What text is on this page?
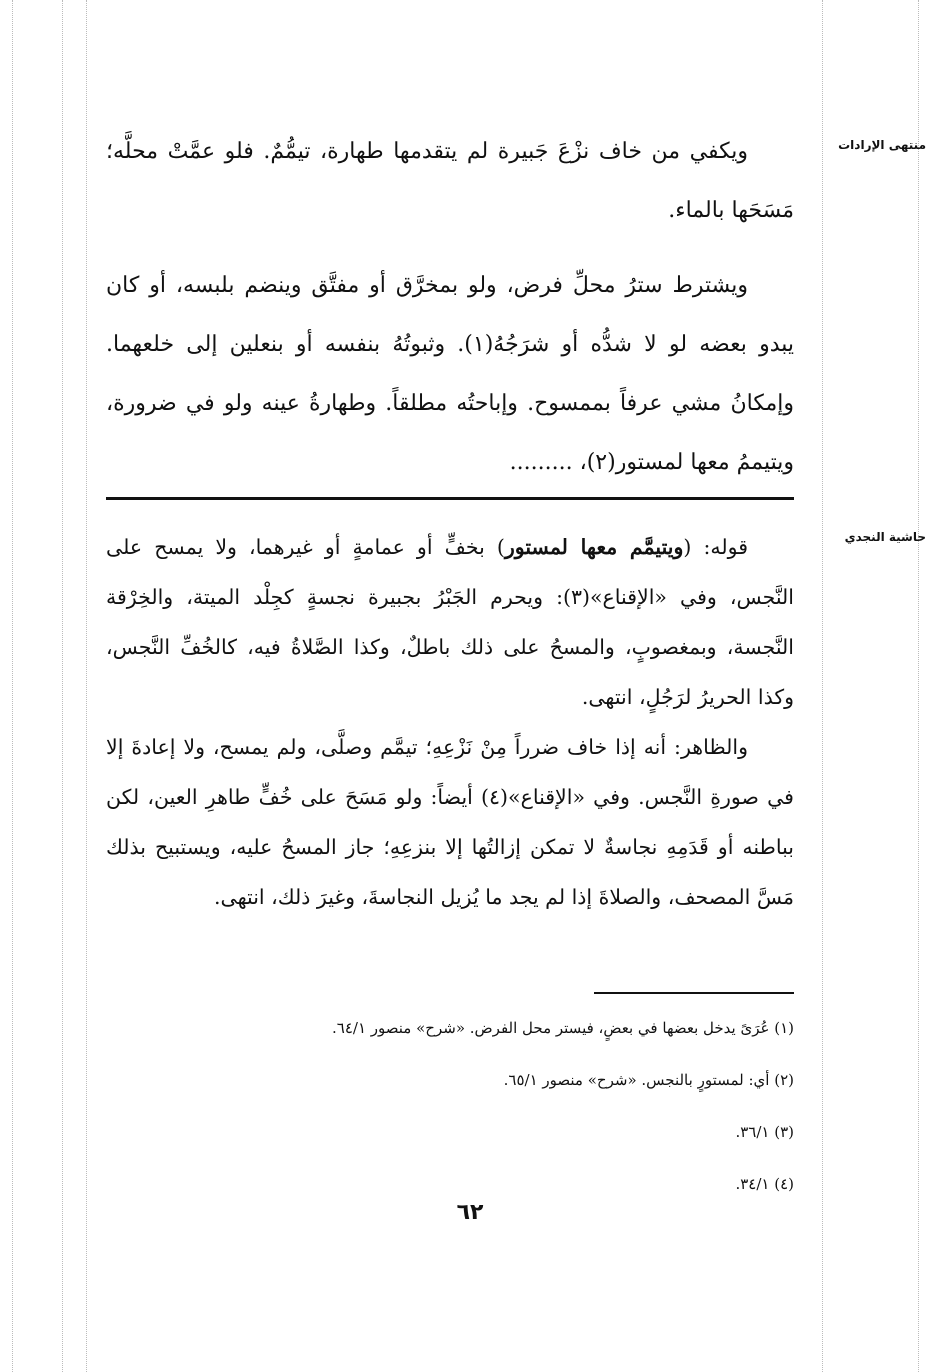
منتهى الإرادات
حاشية النجدي

ويكفي من خاف نزْعَ جَبيرة لم يتقدمها طهارة، تيمُّمٌ. فلو عمَّتْ محلَّه؛ مَسَحَها بالماء.

ويشترط سترُ محلِّ فرض، ولو بمخرَّق أو مفتَّق وينضم بلبسه، أو كان يبدو بعضه لو لا شدُّه أو شرَجُهُ(١). وثبوتُهُ بنفسه أو بنعلين إلى خلعهما. وإمكانُ مشي عرفاً بممسوح. وإباحتُه مطلقاً. وطهارةُ عينه ولو في ضرورة، ويتيممُ معها لمستور(٢)، .........

قوله: (ويتيمَّم معها لمستور) بخفٍّ أو عمامةٍ أو غيرهما، ولا يمسح على النَّجس، وفي «الإقناع»(٣): ويحرم الجَبْرُ بجبيرة نجسةٍ كجِلْد الميتة، والخِرْقة النَّجسة، وبمغصوبٍ، والمسحُ على ذلك باطلٌ، وكذا الصَّلاةُ فيه، كالخُفِّ النَّجس، وكذا الحريرُ لرَجُلٍ، انتهى.

والظاهر: أنه إذا خاف ضرراً مِنْ نَزْعِهِ؛ تيمَّم وصلَّى، ولم يمسح، ولا إعادةَ إلا في صورةِ النَّجس. وفي «الإقناع»(٤) أيضاً: ولو مَسَحَ على خُفٍّ طاهرِ العين، لكن بباطنه أو قَدَمِهِ نجاسةٌ لا تمكن إزالتُها إلا بنزعِهِ؛ جاز المسحُ عليه، ويستبيح بذلك مَسَّ المصحف، والصلاةَ إذا لم يجد ما يُزيل النجاسةَ، وغيرَ ذلك، انتهى.

(١) عُرَىً يدخل بعضها في بعضٍ، فيستر محل الفرض. «شرح» منصور ٦٤/١.
(٢) أي: لمستورٍ بالنجس. «شرح» منصور ٦٥/١.
(٣) ٣٦/١.
(٤) ٣٤/١.
٦٢
